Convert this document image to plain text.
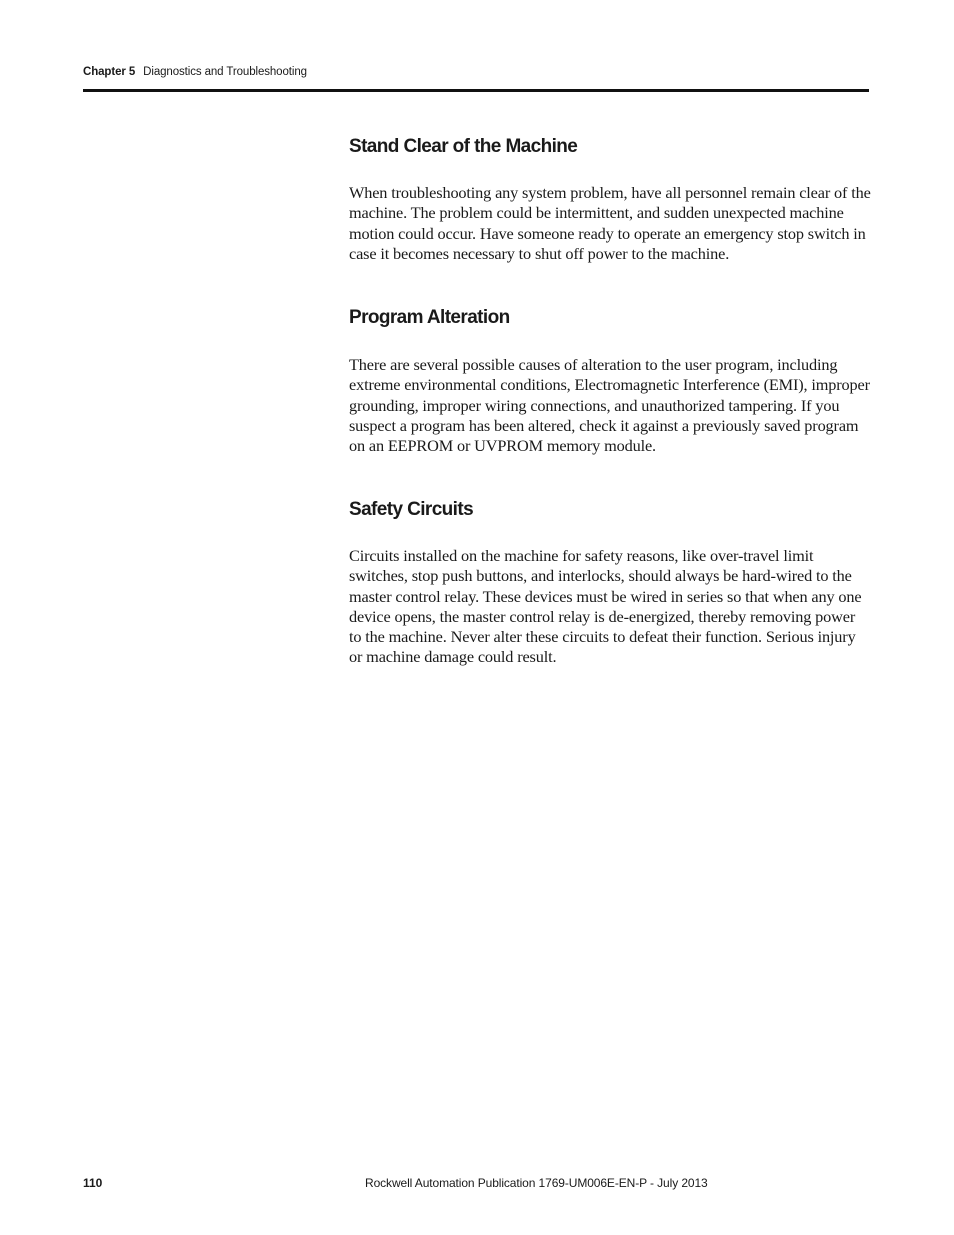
Chapter 5 Diagnostics and Troubleshooting
Stand Clear of the Machine

When troubleshooting any system problem, have all personnel remain clear of the machine. The problem could be intermittent, and sudden unexpected machine motion could occur. Have someone ready to operate an emergency stop switch in case it becomes necessary to shut off power to the machine.

Program Alteration

There are several possible causes of alteration to the user program, including extreme environmental conditions, Electromagnetic Interference (EMI), improper grounding, improper wiring connections, and unauthorized tampering. If you suspect a program has been altered, check it against a previously saved program on an EEPROM or UVPROM memory module.

Safety Circuits

Circuits installed on the machine for safety reasons, like over-travel limit switches, stop push buttons, and interlocks, should always be hard-wired to the master control relay. These devices must be wired in series so that when any one device opens, the master control relay is de-energized, thereby removing power to the machine. Never alter these circuits to defeat their function. Serious injury or machine damage could result.

110	Rockwell Automation Publication 1769-UM006E-EN-P - July 2013
